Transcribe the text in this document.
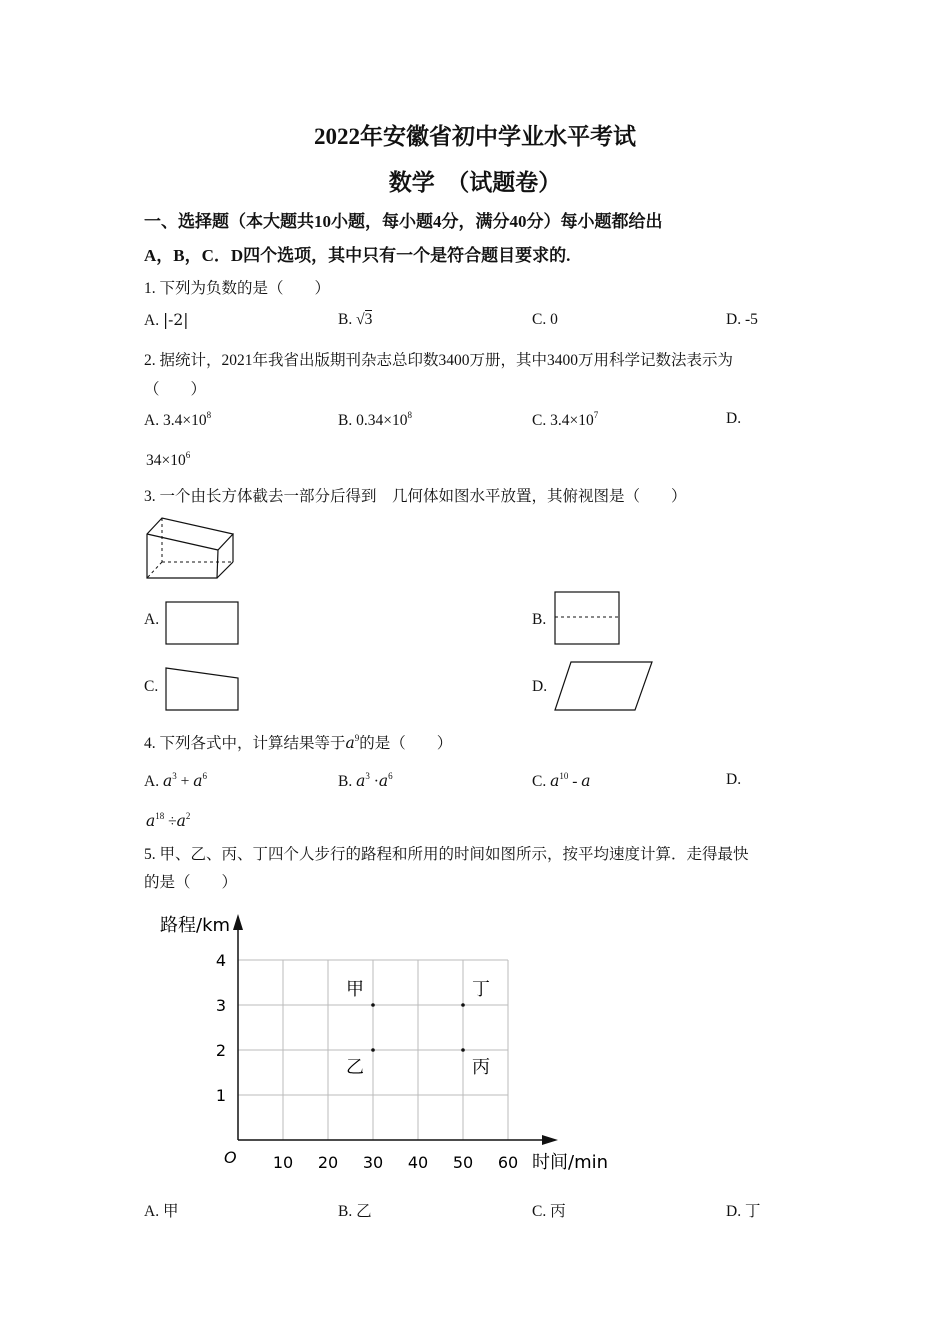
2022年安徽省初中学业水平考试
数学　（试题卷）
一、选择题（本大题共10小题，每小题4分，满分40分）每小题都给出
A，B，C．D四个选项，其中只有一个是符合题目要求的.
1. 下列为负数的是（　　）
A. |-2|	B. √3	C. 0	D. -5
2. 据统计，2021年我省出版期刊杂志总印数3400万册，其中3400万用科学记数法表示为
（　　）
A. $3.4\times 10^8$	B. $0.34\times 10^8$	C. $3.4\times 10^7$	D.
$34\times 10^6$
3. 一个由长方体截去一部分后得到　几何体如图水平放置，其俯视图是（　　）
A.	B.
C.	D.
4. 下列各式中，计算结果等于$a^9$的是（　　）
A. $a^3 + a^6$	B. $a^3 \cdot a^6$	C. $a^{10}$ - a	D.
$a^{18} \div a^2$
5. 甲、乙、丙、丁四个人步行的路程和所用的时间如图所示，按平均速度计算．走得最快
的是（　　）
10 20 30 40 50 60
1
2
3
4
甲
乙	丙
丁
路程/km
时间/min
O
A. 甲	B. 乙	C. 丙	D. 丁
